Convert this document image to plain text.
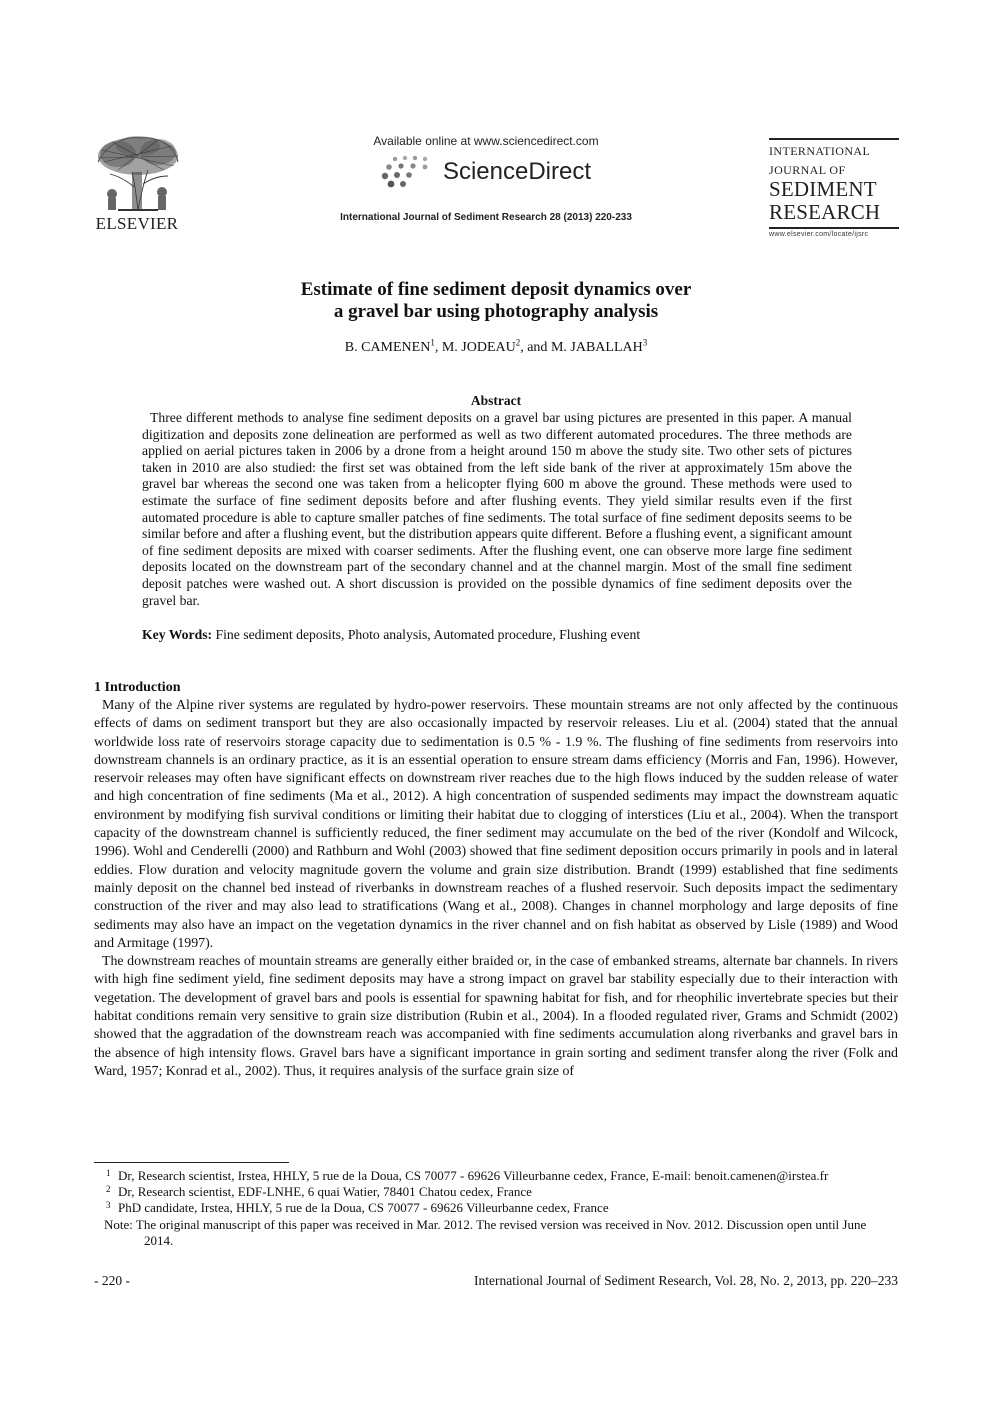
ELSEVIER
Available online at www.sciencedirect.com
ScienceDirect
International Journal of Sediment Research 28 (2013) 220-233
INTERNATIONAL
JOURNAL OF
SEDIMENT
RESEARCH
www.elsevier.com/locate/ijsrc
Estimate of fine sediment deposit dynamics over
a gravel bar using photography analysis
B. CAMENEN$^1$, M. JODEAU$^2$, and M. JABALLAH$^3$
Abstract
Three different methods to analyse fine sediment deposits on a gravel bar using pictures are presented in this paper. A manual digitization and deposits zone delineation are performed as well as two different automated procedures. The three methods are applied on aerial pictures taken in 2006 by a drone from a height around 150 m above the study site. Two other sets of pictures taken in 2010 are also studied: the first set was obtained from the left side bank of the river at approximately 15m above the gravel bar whereas the second one was taken from a helicopter flying 600 m above the ground. These methods were used to estimate the surface of fine sediment deposits before and after flushing events. They yield similar results even if the first automated procedure is able to capture smaller patches of fine sediments. The total surface of fine sediment deposits seems to be similar before and after a flushing event, but the distribution appears quite different. Before a flushing event, a significant amount of fine sediment deposits are mixed with coarser sediments. After the flushing event, one can observe more large fine sediment deposits located on the downstream part of the secondary channel and at the channel margin. Most of the small fine sediment deposit patches were washed out. A short discussion is provided on the possible dynamics of fine sediment deposits over the gravel bar.
Key Words: Fine sediment deposits, Photo analysis, Automated procedure, Flushing event
1 Introduction

Many of the Alpine river systems are regulated by hydro-power reservoirs. These mountain streams are not only affected by the continuous effects of dams on sediment transport but they are also occasionally impacted by reservoir releases. Liu et al. (2004) stated that the annual worldwide loss rate of reservoirs storage capacity due to sedimentation is 0.5 % - 1.9 %. The flushing of fine sediments from reservoirs into downstream channels is an ordinary practice, as it is an essential operation to ensure stream dams efficiency (Morris and Fan, 1996). However, reservoir releases may often have significant effects on downstream river reaches due to the high flows induced by the sudden release of water and high concentration of fine sediments (Ma et al., 2012). A high concentration of suspended sediments may impact the downstream aquatic environment by modifying fish survival conditions or limiting their habitat due to clogging of interstices (Liu et al., 2004). When the transport capacity of the downstream channel is sufficiently reduced, the finer sediment may accumulate on the bed of the river (Kondolf and Wilcock, 1996). Wohl and Cenderelli (2000) and Rathburn and Wohl (2003) showed that fine sediment deposition occurs primarily in pools and in lateral eddies. Flow duration and velocity magnitude govern the volume and grain size distribution. Brandt (1999) established that fine sediments mainly deposit on the channel bed instead of riverbanks in downstream reaches of a flushed reservoir. Such deposits impact the sedimentary construction of the river and may also lead to stratifications (Wang et al., 2008). Changes in channel morphology and large deposits of fine sediments may also have an impact on the vegetation dynamics in the river channel and on fish habitat as observed by Lisle (1989) and Wood and Armitage (1997).

The downstream reaches of mountain streams are generally either braided or, in the case of embanked streams, alternate bar channels. In rivers with high fine sediment yield, fine sediment deposits may have a strong impact on gravel bar stability especially due to their interaction with vegetation. The development of gravel bars and pools is essential for spawning habitat for fish, and for rheophilic invertebrate species but their habitat conditions remain very sensitive to grain size distribution (Rubin et al., 2004). In a flooded regulated river, Grams and Schmidt (2002) showed that the aggradation of the downstream reach was accompanied with fine sediments accumulation along riverbanks and gravel bars in the absence of high intensity flows. Gravel bars have a significant importance in grain sorting and sediment transfer along the river (Folk and Ward, 1957; Konrad et al., 2002). Thus, it requires analysis of the surface grain size of

1 Dr, Research scientist, Irstea, HHLY, 5 rue de la Doua, CS 70077 - 69626 Villeurbanne cedex, France, E-mail: benoit.camenen@irstea.fr
2 Dr, Research scientist, EDF-LNHE, 6 quai Watier, 78401 Chatou cedex, France
3 PhD candidate, Irstea, HHLY, 5 rue de la Doua, CS 70077 - 69626 Villeurbanne cedex, France
Note: The original manuscript of this paper was received in Mar. 2012. The revised version was received in Nov. 2012. Discussion open until June 2014.
- 220 -	International Journal of Sediment Research, Vol. 28, No. 2, 2013, pp. 220–233
